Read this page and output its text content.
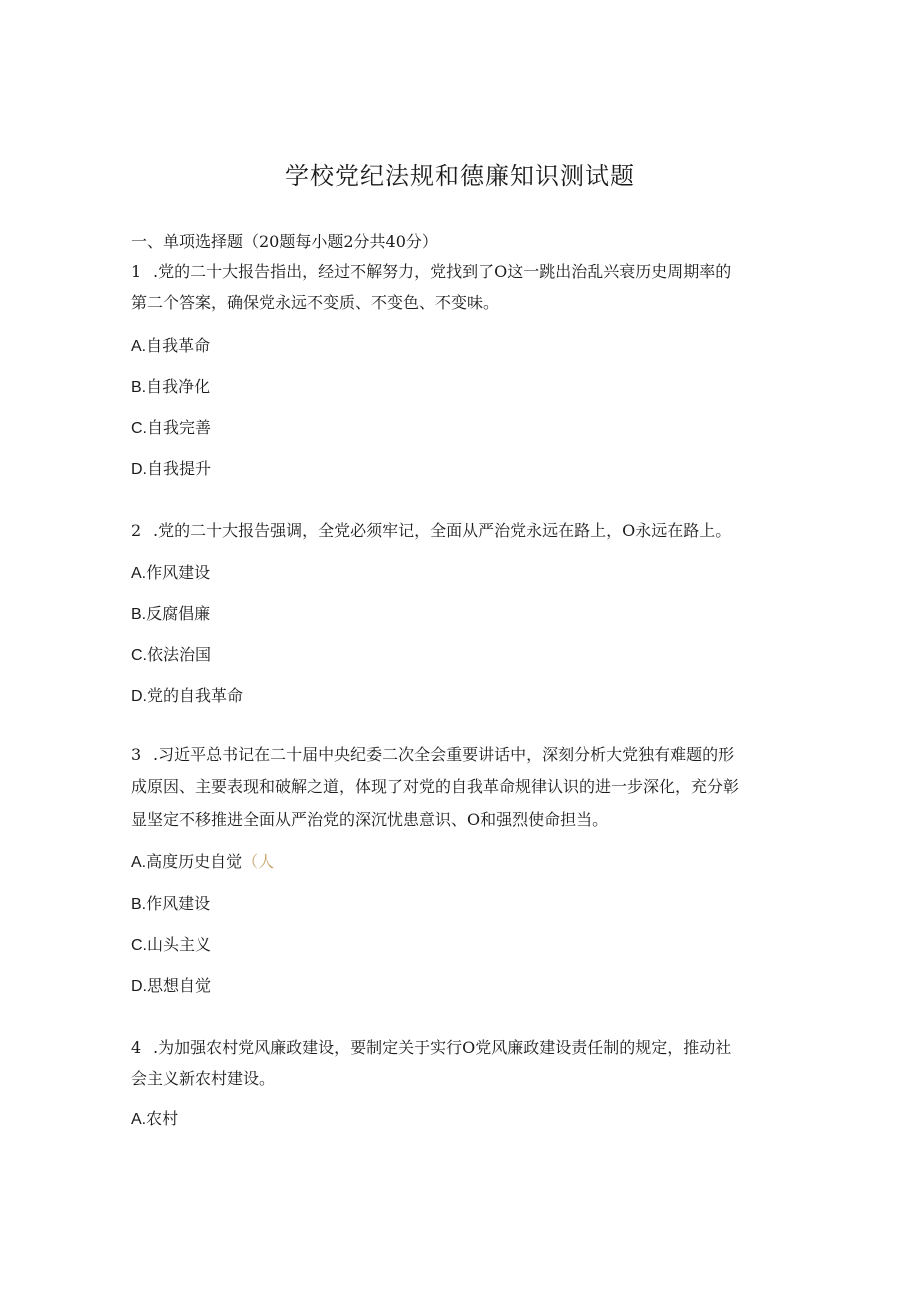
学校党纪法规和德廉知识测试题
一、单项选择题（20题每小题2分共40分）
1 .党的二十大报告指出，经过不解努力，党找到了O这一跳出治乱兴衰历史周期率的
第二个答案，确保党永远不变质、不变色、不变味。
A.自我革命
B.自我净化
C.自我完善
D.自我提升
2 .党的二十大报告强调，全党必须牢记，全面从严治党永远在路上，O永远在路上。
A.作风建设
B.反腐倡廉
C.依法治国
D.党的自我革命
3 .习近平总书记在二十届中央纪委二次全会重要讲话中，深刻分析大党独有难题的形
成原因、主要表现和破解之道，体现了对党的自我革命规律认识的进一步深化，充分彰
显坚定不移推进全面从严治党的深沉忧患意识、O和强烈使命担当。
A.高度历史自觉（人
B.作风建设
C.山头主义
D.思想自觉
4 .为加强农村党风廉政建设，要制定关于实行O党风廉政建设责任制的规定，推动社
会主义新农村建设。
A.农村
